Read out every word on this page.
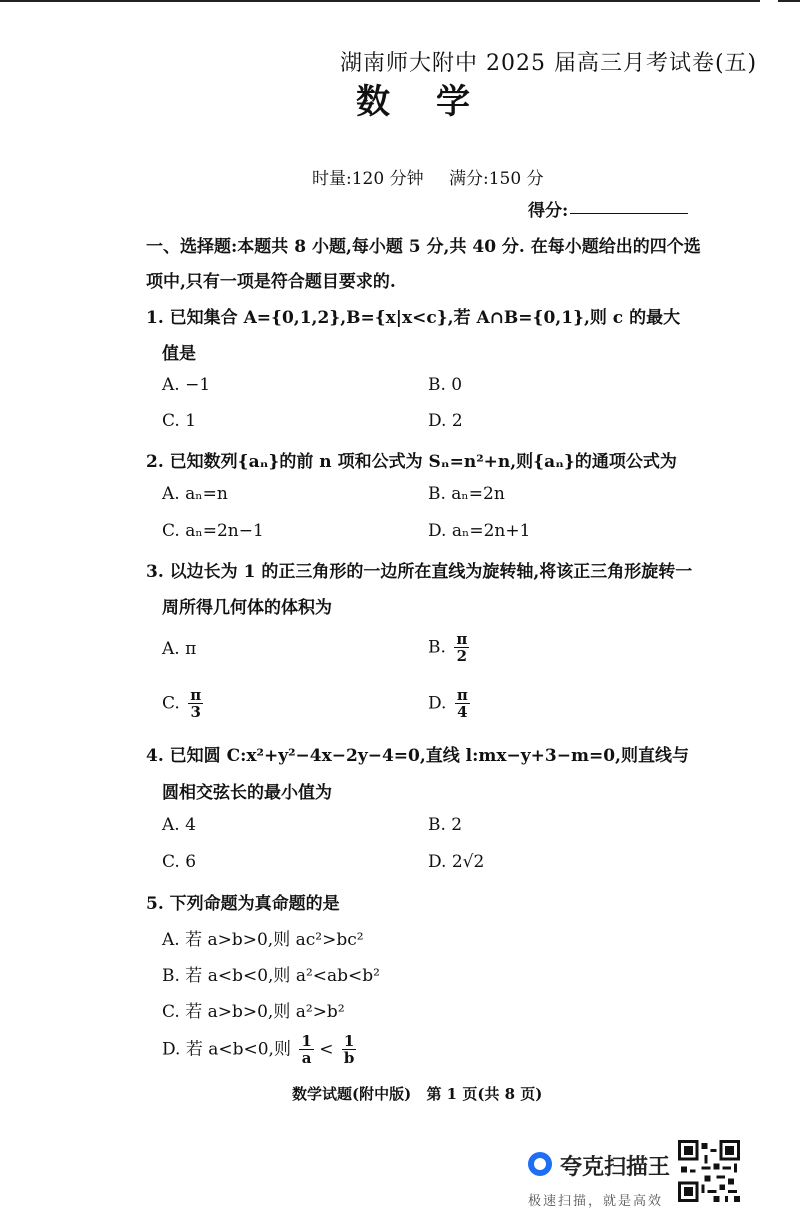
湖南师大附中 2025 届高三月考试卷(五)
数学
时量:120 分钟 满分:150 分
得分:
一、选择题:本题共 8 小题,每小题 5 分,共 40 分. 在每小题给出的四个选
项中,只有一项是符合题目要求的.
1. 已知集合 A={0,1,2},B={x|x<c},若 A∩B={0,1},则 c 的最大
值是
A. −1	B. 0
C. 1	D. 2
2. 已知数列{aₙ}的前 n 项和公式为 Sₙ=n²+n,则{aₙ}的通项公式为
A. aₙ=n	B. aₙ=2n
C. aₙ=2n−1	D. aₙ=2n+1
3. 以边长为 1 的正三角形的一边所在直线为旋转轴,将该正三角形旋转一
周所得几何体的体积为
A. π	B. $\frac{\pi}{2}$
C. $\frac{\pi}{3}$	D. $\frac{\pi}{4}$
4. 已知圆 C:x²+y²−4x−2y−4=0,直线 l:mx−y+3−m=0,则直线与
圆相交弦长的最小值为
A. 4	B. 2
C. 6	D. 2√2
5. 下列命题为真命题的是
A. 若 a>b>0,则 ac²>bc²
B. 若 a<b<0,则 a²<ab<b²
C. 若 a>b>0,则 a²>b²
D. 若 a<b<0,则 $\frac{1}{a} < \frac{1}{b}$
数学试题(附中版) 第 1 页(共 8 页)
夸克扫描王
极速扫描，就是高效
